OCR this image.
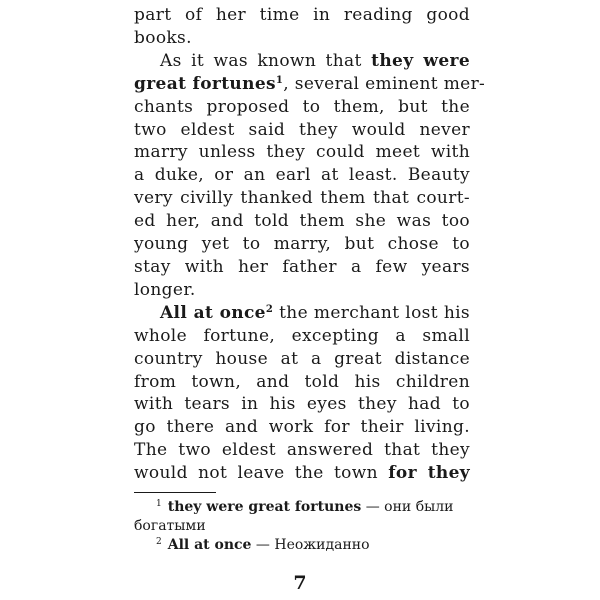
part of her time in reading good
books.
As it was known that they were
great fortunes$^1$, several eminent mer-
chants proposed to them, but the
two eldest said they would never
marry unless they could meet with
a duke, or an earl at least. Beauty
very civilly thanked them that court-
ed her, and told them she was too
young yet to marry, but chose to
stay with her father a few years
longer.
All at once$^2$ the merchant lost his
whole fortune, excepting a small
country house at a great distance
from town, and told his children
with tears in his eyes they had to
go there and work for their living.
The two eldest answered that they
would not leave the town for they
$^1$ they were great fortunes — они были
богатыми
$^2$ All at once — Неожиданно
7
